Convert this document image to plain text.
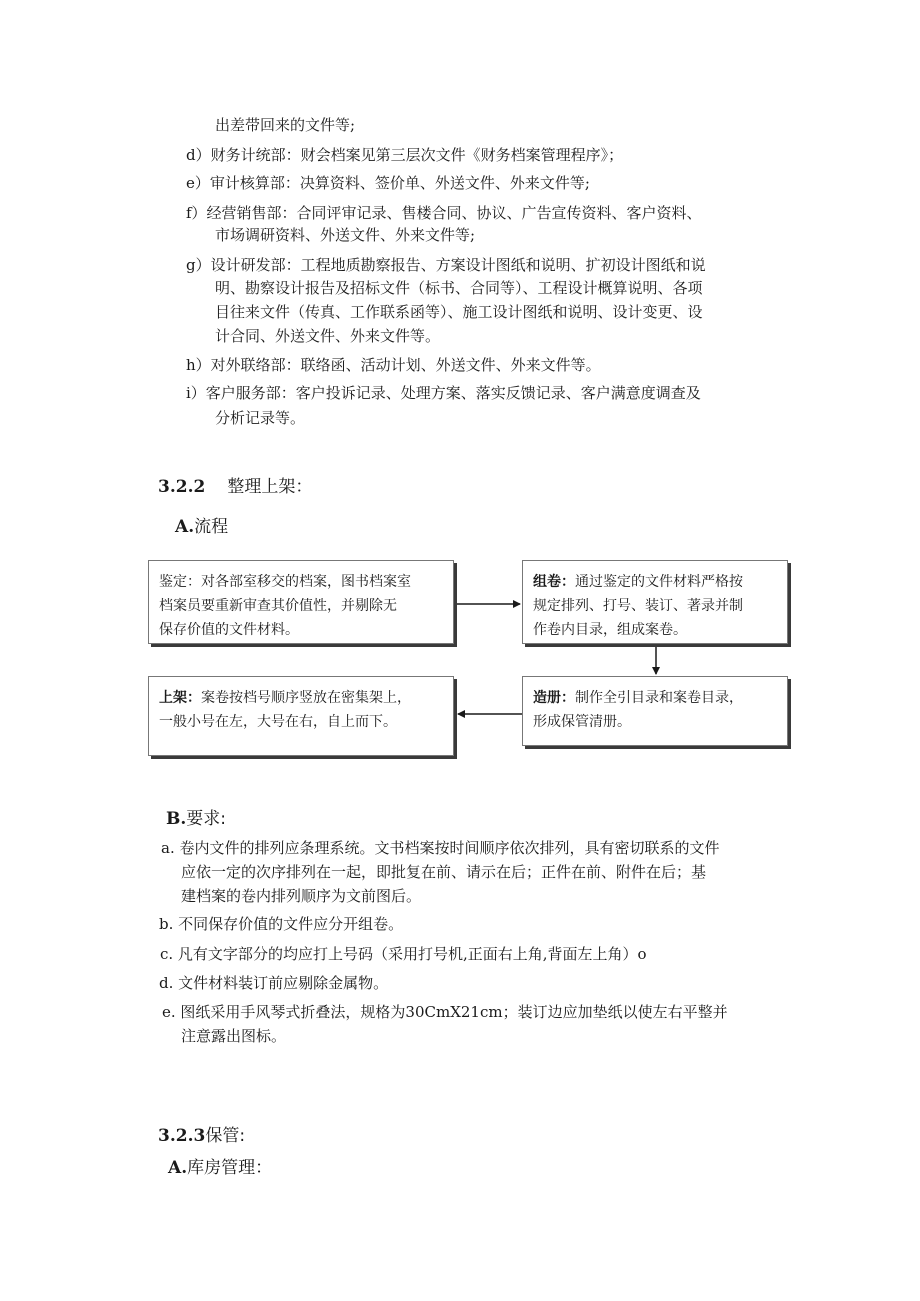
出差带回来的文件等;
d）财务计统部：财会档案见第三层次文件《财务档案管理程序》；
e）审计核算部：决算资料、签价单、外送文件、外来文件等;
f）经营销售部：合同评审记录、售楼合同、协议、广告宣传资料、客户资料、
市场调研资料、外送文件、外来文件等;
g）设计研发部：工程地质勘察报告、方案设计图纸和说明、扩初设计图纸和说
明、勘察设计报告及招标文件（标书、合同等）、工程设计概算说明、各项
目往来文件（传真、工作联系函等）、施工设计图纸和说明、设计变更、设
计合同、外送文件、外来文件等。
h）对外联络部：联络函、活动计划、外送文件、外来文件等。
i）客户服务部：客户投诉记录、处理方案、落实反馈记录、客户满意度调查及
分析记录等。
3.2.2 整理上架：
A.流程
鉴定：对各部室移交的档案，图书档案室
档案员要重新审查其价值性，并剔除无
保存价值的文件材料。
组卷：通过鉴定的文件材料严格按
规定排列、打号、装订、著录并制
作卷内目录，组成案卷。
造册：制作全引目录和案卷目录，
形成保管清册。
上架：案卷按档号顺序竖放在密集架上，
一般小号在左，大号在右，自上而下。
B.要求:
a. 卷内文件的排列应条理系统。文书档案按时间顺序依次排列，具有密切联系的文件
应依一定的次序排列在一起，即批复在前、请示在后；正件在前、附件在后；基
建档案的卷内排列顺序为文前图后。
b. 不同保存价值的文件应分开组卷。
c. 凡有文字部分的均应打上号码（采用打号机,正面右上角,背面左上角）o
d. 文件材料装订前应剔除金属物。
e. 图纸采用手风琴式折叠法，规格为30CmX21cm；装订边应加垫纸以使左右平整并
注意露出图标。
3.2.3保管:
A.库房管理：
